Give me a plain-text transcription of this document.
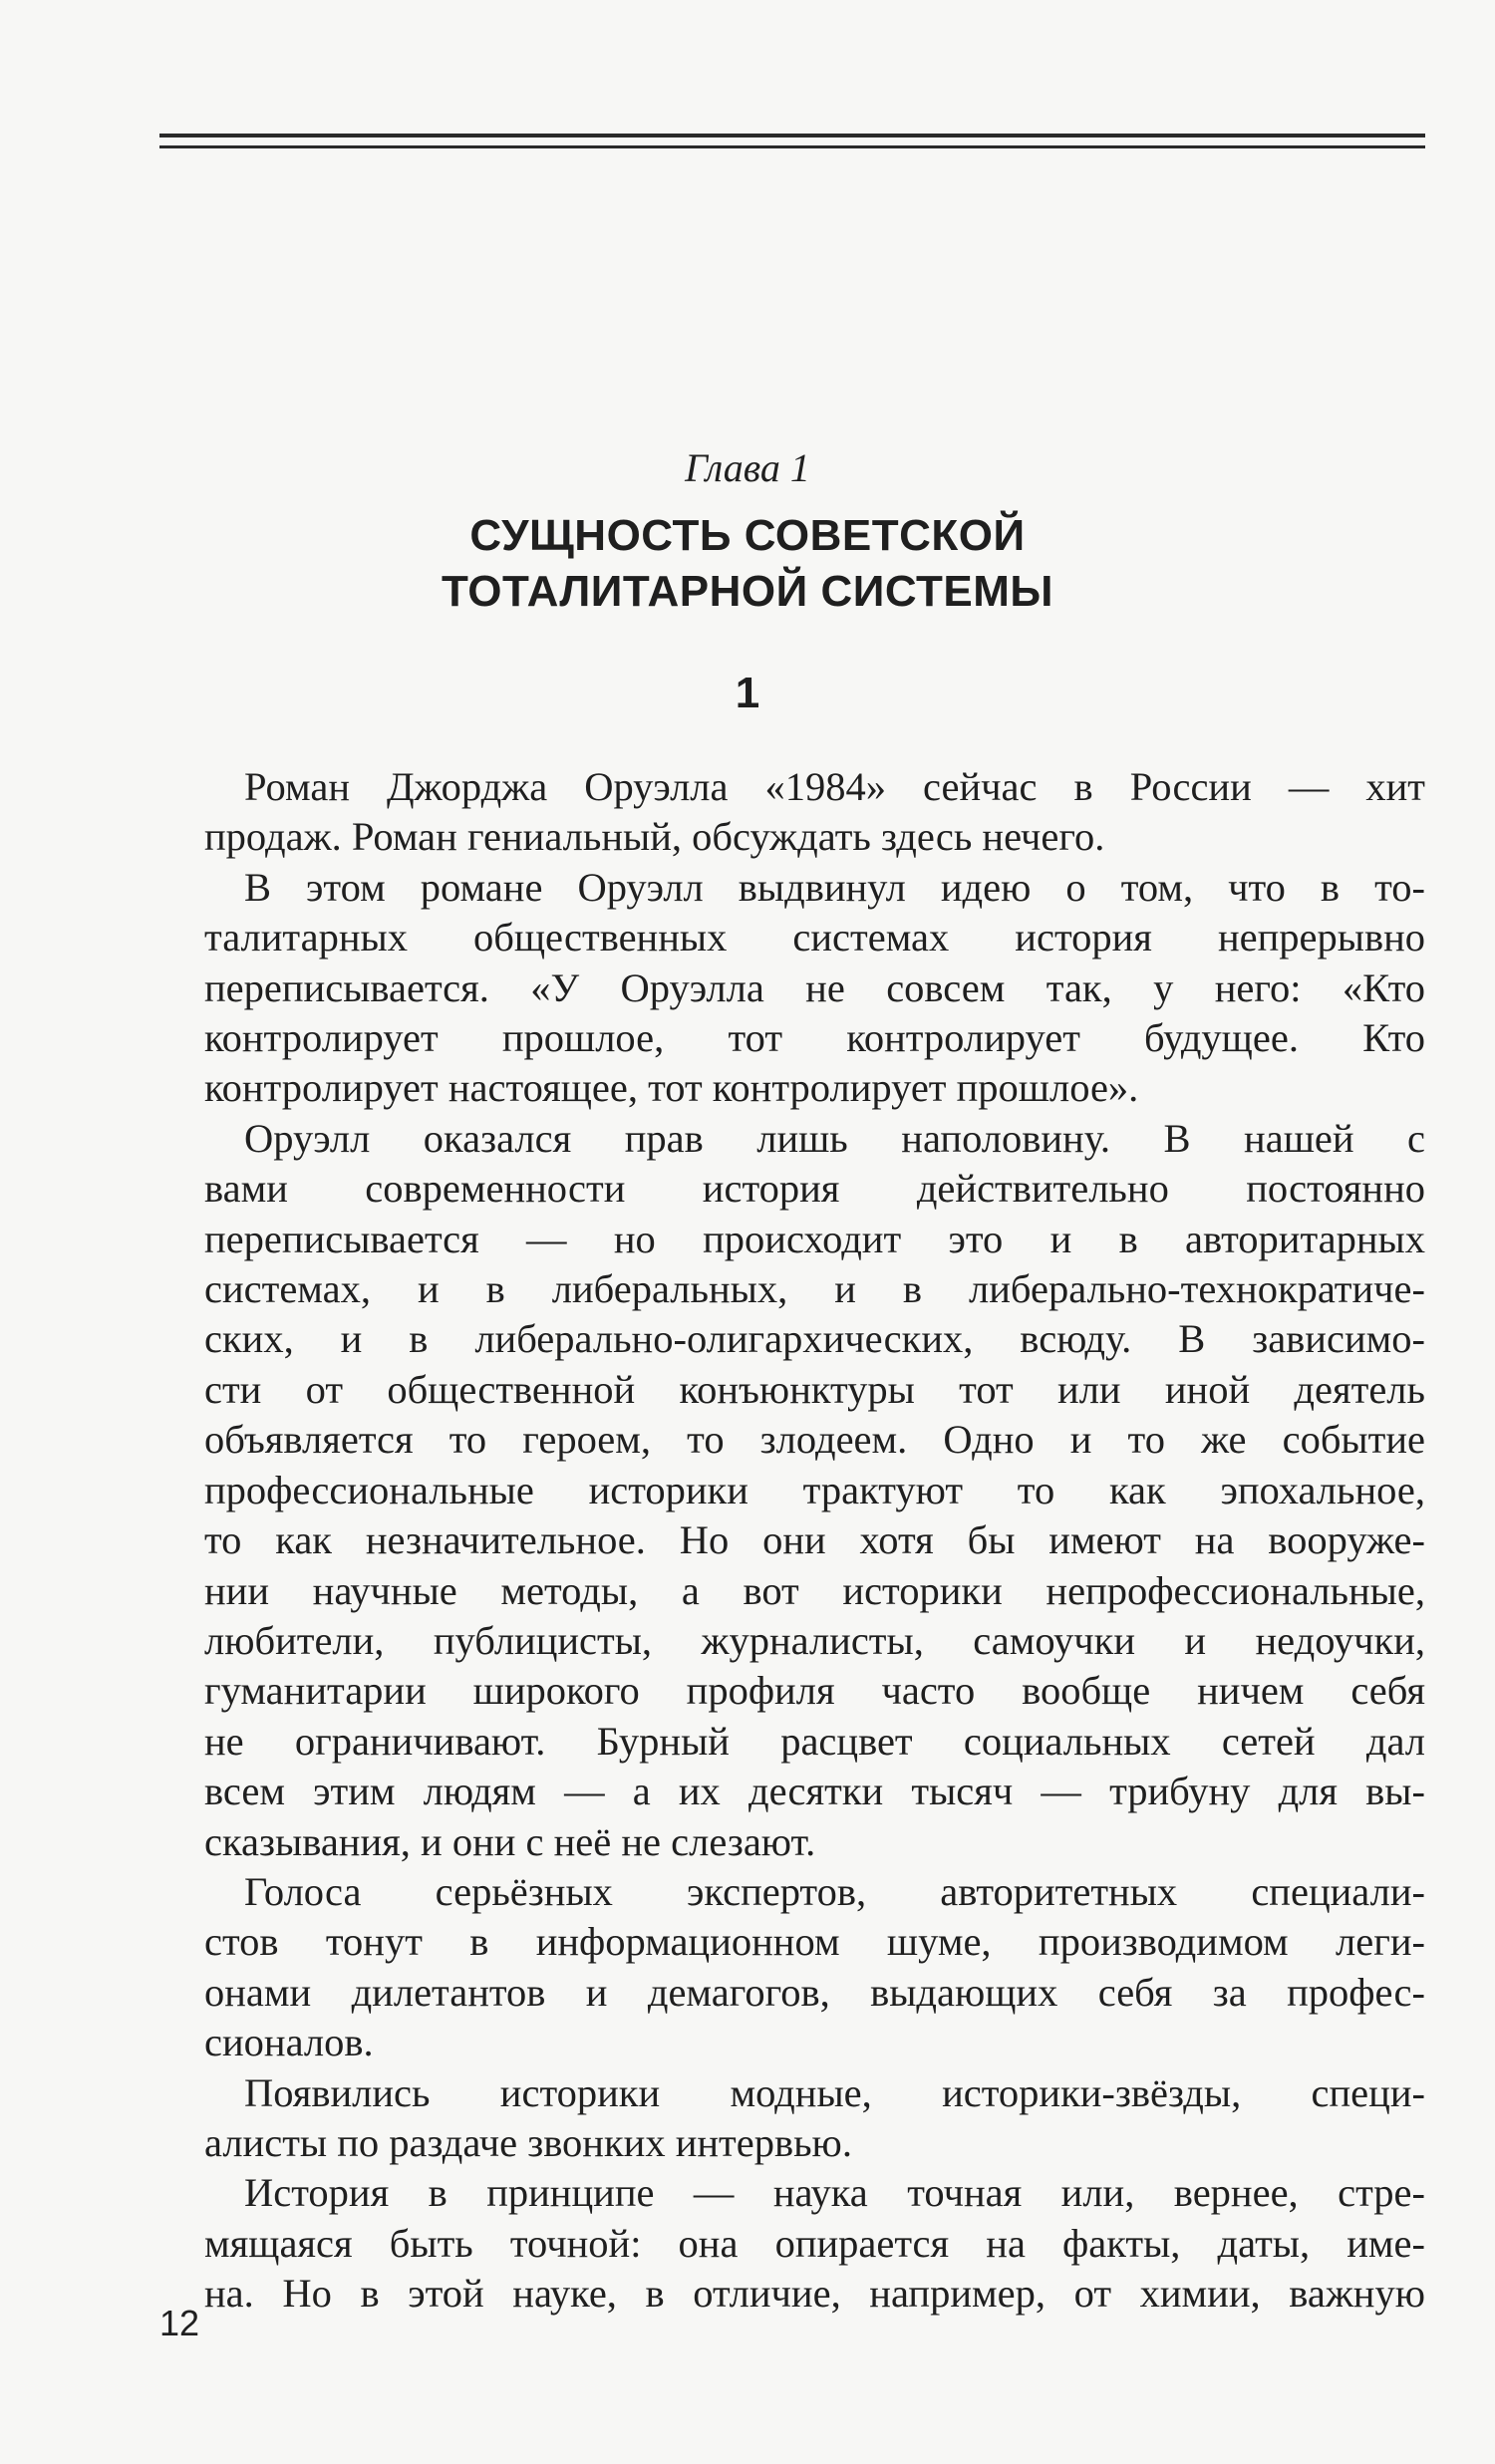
Глава 1
СУЩНОСТЬ СОВЕТСКОЙ
ТОТАЛИТАРНОЙ СИСТЕМЫ
1
Роман Джорджа Оруэлла «1984» сейчас в России — хит
продаж. Роман гениальный, обсуждать здесь нечего.
В этом романе Оруэлл выдвинул идею о том, что в то-
талитарных общественных системах история непрерывно
переписывается. «У Оруэлла не совсем так, у него: «Кто
контролирует прошлое, тот контролирует будущее. Кто
контролирует настоящее, тот контролирует прошлое».
Оруэлл оказался прав лишь наполовину. В нашей с
вами современности история действительно постоянно
переписывается — но происходит это и в авторитарных
системах, и в либеральных, и в либерально-технократиче-
ских, и в либерально-олигархических, всюду. В зависимо-
сти от общественной конъюнктуры тот или иной деятель
объявляется то героем, то злодеем. Одно и то же событие
профессиональные историки трактуют то как эпохальное,
то как незначительное. Но они хотя бы имеют на вооруже-
нии научные методы, а вот историки непрофессиональные,
любители, публицисты, журналисты, самоучки и недоучки,
гуманитарии широкого профиля часто вообще ничем себя
не ограничивают. Бурный расцвет социальных сетей дал
всем этим людям — а их десятки тысяч — трибуну для вы-
сказывания, и они с неё не слезают.
Голоса серьёзных экспертов, авторитетных специали-
стов тонут в информационном шуме, производимом леги-
онами дилетантов и демагогов, выдающих себя за профес-
сионалов.
Появились историки модные, историки-звёзды, специ-
алисты по раздаче звонких интервью.
История в принципе — наука точная или, вернее, стре-
мящаяся быть точной: она опирается на факты, даты, име-
на. Но в этой науке, в отличие, например, от химии, важную
12
